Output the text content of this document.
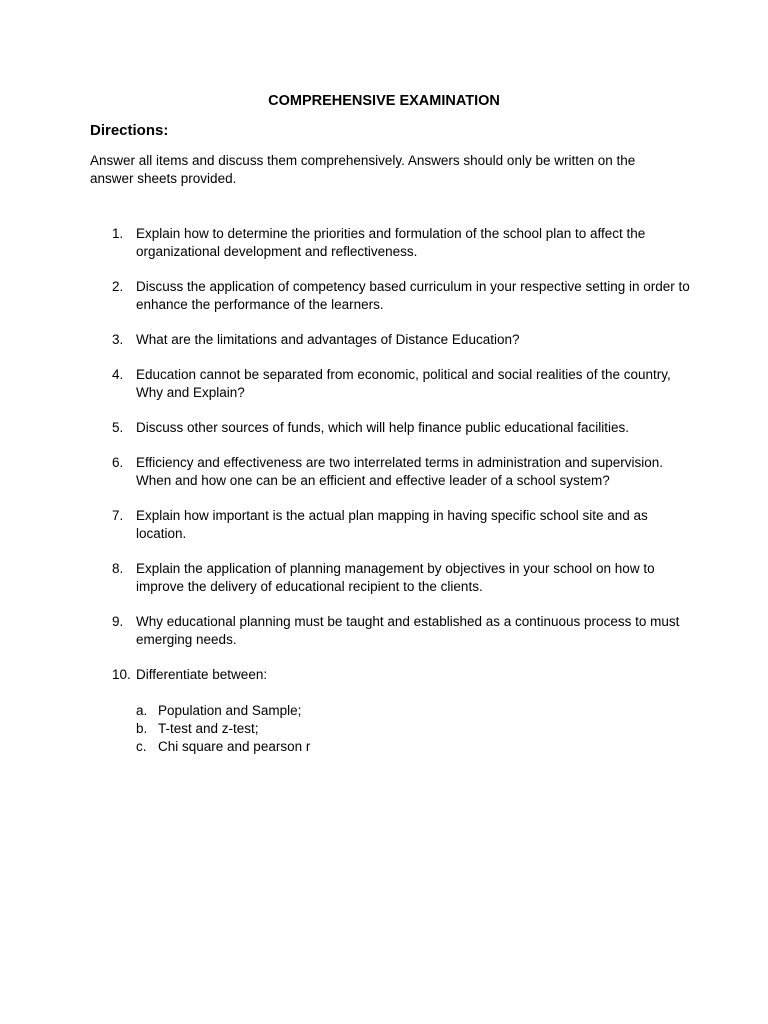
COMPREHENSIVE EXAMINATION
Directions:
Answer all items and discuss them comprehensively. Answers should only be written on the answer sheets provided.
1. Explain how to determine the priorities and formulation of the school plan to affect the organizational development and reflectiveness.
2. Discuss the application of competency based curriculum in your respective setting in order to enhance the performance of the learners.
3. What are the limitations and advantages of Distance Education?
4. Education cannot be separated from economic, political and social realities of the country, Why and Explain?
5. Discuss other sources of funds, which will help finance public educational facilities.
6. Efficiency and effectiveness are two interrelated terms in administration and supervision. When and how one can be an efficient and effective leader of a school system?
7. Explain how important is the actual plan mapping in having specific school site and as location.
8. Explain the application of planning management by objectives in your school on how to improve the delivery of educational recipient to the clients.
9. Why educational planning must be taught and established as a continuous process to must emerging needs.
10. Differentiate between:
a. Population and Sample;
b. T-test and z-test;
c. Chi square and pearson r
